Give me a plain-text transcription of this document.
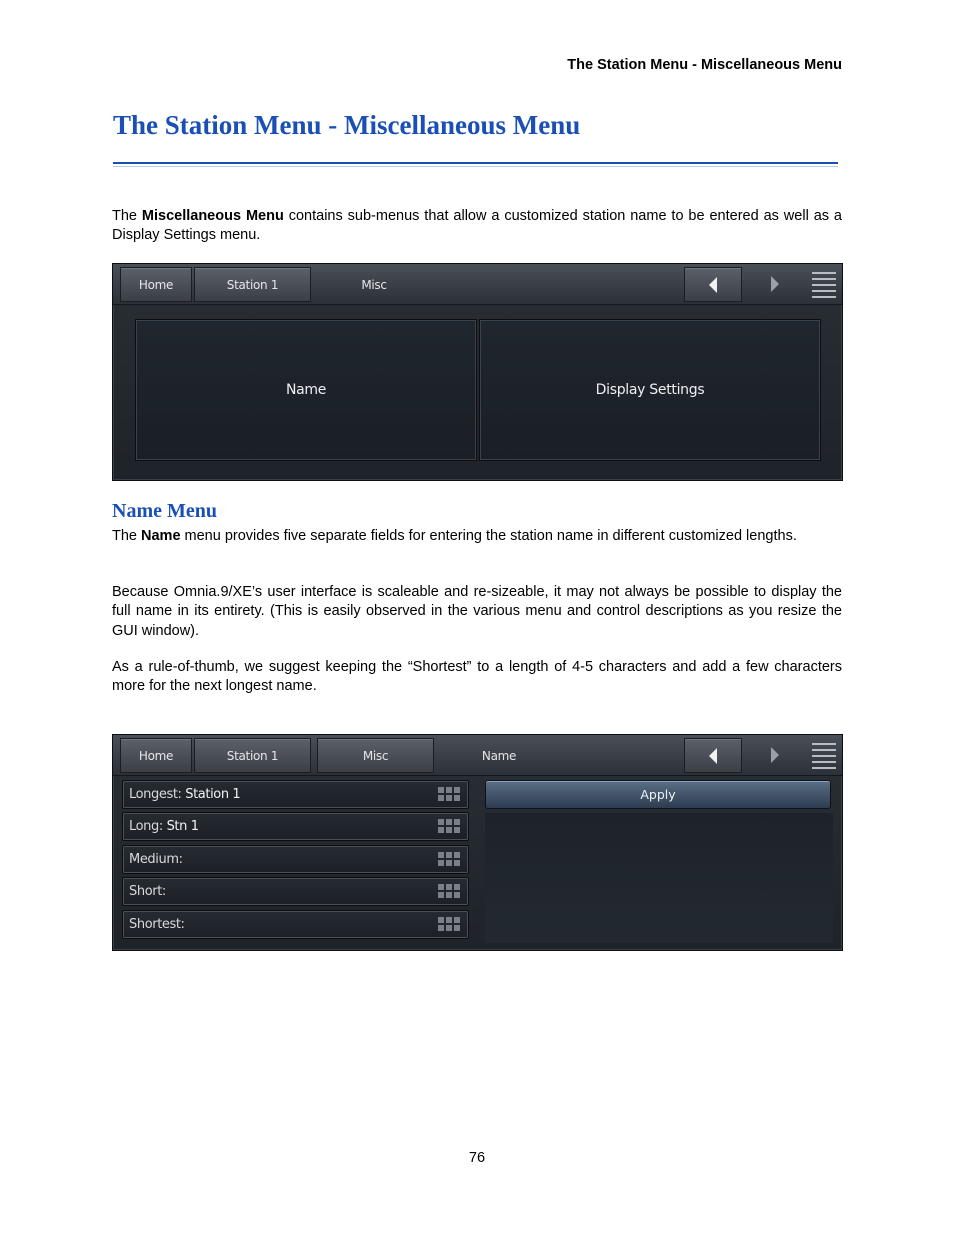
The Station Menu - Miscellaneous Menu
The Station Menu - Miscellaneous Menu

The Miscellaneous Menu contains sub-menus that allow a customized station name to be entered as well as a Display Settings menu.

Home	Station 1	Misc
Name	Display Settings
Name Menu

The Name menu provides five separate fields for entering the station name in different customized lengths.

Because Omnia.9/XE’s user interface is scaleable and re-sizeable, it may not always be possible to display the full name in its entirety. (This is easily observed in the various menu and control descriptions as you resize the GUI window).

As a rule-of-thumb, we suggest keeping the “Shortest” to a length of 4-5 characters and add a few characters more for the next longest name.

Home	Station 1	Misc	Name
Longest: Station 1
Long: Stn 1
Medium:
Short:
Shortest:
Apply
76
